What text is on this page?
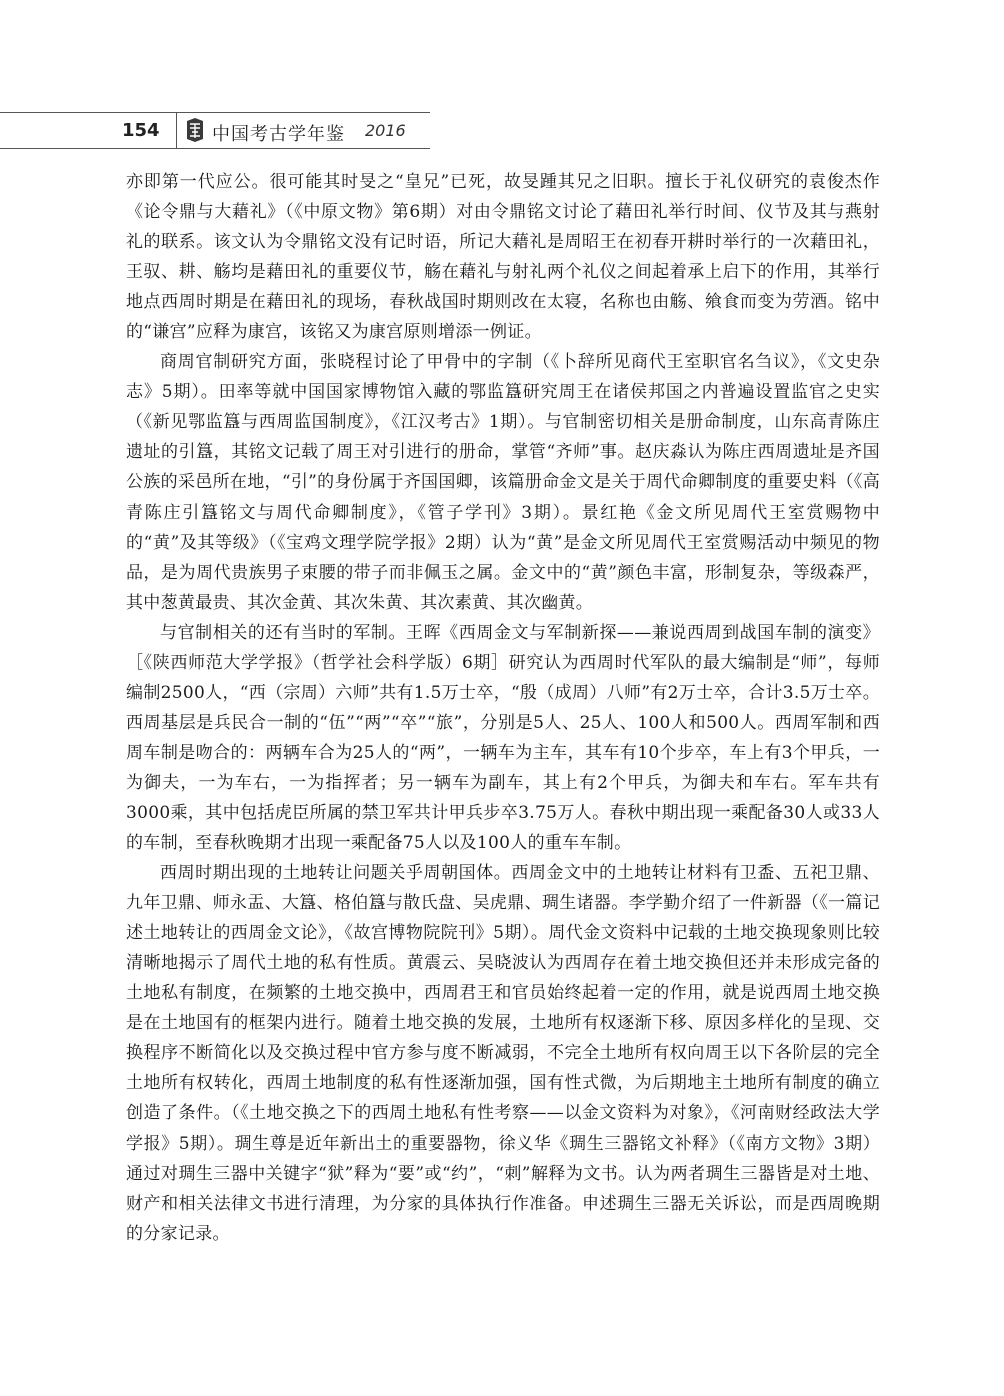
154	中国考古学年鉴 2016

亦即第一代应公。很可能其时旻之“皇兄”已死，故旻踵其兄之旧职。擅长于礼仪研究的袁俊杰作《论令鼎与大藉礼》（《中原文物》第6期）对由令鼎铭文讨论了藉田礼举行时间、仪节及其与燕射礼的联系。该文认为令鼎铭文没有记时语，所记大藉礼是周昭王在初春开耕时举行的一次藉田礼，王驭、耕、觞均是藉田礼的重要仪节，觞在藉礼与射礼两个礼仪之间起着承上启下的作用，其举行地点西周时期是在藉田礼的现场，春秋战国时期则改在太寝，名称也由觞、飨食而变为劳酒。铭中的“谦宫”应释为康宫，该铭又为康宫原则增添一例证。

商周官制研究方面，张晓程讨论了甲骨中的字制（《卜辞所见商代王室职官名刍议》，《文史杂志》5期）。田率等就中国国家博物馆入藏的鄂监簋研究周王在诸侯邦国之内普遍设置监官之史实（《新见鄂监簋与西周监国制度》，《江汉考古》1期）。与官制密切相关是册命制度，山东高青陈庄遗址的引簋，其铭文记载了周王对引进行的册命，掌管“齐师”事。赵庆淼认为陈庄西周遗址是齐国公族的采邑所在地，“引”的身份属于齐国国卿，该篇册命金文是关于周代命卿制度的重要史料（《高青陈庄引簋铭文与周代命卿制度》，《管子学刊》3期）。景红艳《金文所见周代王室赏赐物中的“黄”及其等级》（《宝鸡文理学院学报》2期）认为“黄”是金文所见周代王室赏赐活动中频见的物品，是为周代贵族男子束腰的带子而非佩玉之属。金文中的“黄”颜色丰富，形制复杂，等级森严，其中葱黄最贵、其次金黄、其次朱黄、其次素黄、其次幽黄。

与官制相关的还有当时的军制。王晖《西周金文与军制新探——兼说西周到战国车制的演变》［《陕西师范大学学报》（哲学社会科学版）6期］研究认为西周时代军队的最大编制是“师”，每师编制2500人，“西（宗周）六师”共有1.5万士卒，“殷（成周）八师”有2万士卒，合计3.5万士卒。西周基层是兵民合一制的“伍”“两”“卒”“旅”，分别是5人、25人、100人和500人。西周军制和西周车制是吻合的：两辆车合为25人的“两”，一辆车为主车，其车有10个步卒，车上有3个甲兵，一为御夫，一为车右，一为指挥者；另一辆车为副车，其上有2个甲兵，为御夫和车右。军车共有3000乘，其中包括虎臣所属的禁卫军共计甲兵步卒3.75万人。春秋中期出现一乘配备30人或33人的车制，至春秋晚期才出现一乘配备75人以及100人的重车车制。

西周时期出现的土地转让问题关乎周朝国体。西周金文中的土地转让材料有卫盉、五祀卫鼎、九年卫鼎、师永盂、大簋、格伯簋与散氏盘、吴虎鼎、琱生诸器。李学勤介绍了一件新器（《一篇记述土地转让的西周金文论》，《故宫博物院院刊》5期）。周代金文资料中记载的土地交换现象则比较清晰地揭示了周代土地的私有性质。黄震云、吴晓波认为西周存在着土地交换但还并未形成完备的土地私有制度，在频繁的土地交换中，西周君王和官员始终起着一定的作用，就是说西周土地交换是在土地国有的框架内进行。随着土地交换的发展，土地所有权逐渐下移、原因多样化的呈现、交换程序不断简化以及交换过程中官方参与度不断减弱，不完全土地所有权向周王以下各阶层的完全土地所有权转化，西周土地制度的私有性逐渐加强，国有性式微，为后期地主土地所有制度的确立创造了条件。（《土地交换之下的西周土地私有性考察——以金文资料为对象》，《河南财经政法大学学报》5期）。琱生尊是近年新出土的重要器物，徐义华《琱生三器铭文补释》（《南方文物》3期）通过对琱生三器中关键字“狱”释为“要”或“约”，“刺”解释为文书。认为两者琱生三器皆是对土地、财产和相关法律文书进行清理，为分家的具体执行作准备。申述琱生三器无关诉讼，而是西周晚期的分家记录。
